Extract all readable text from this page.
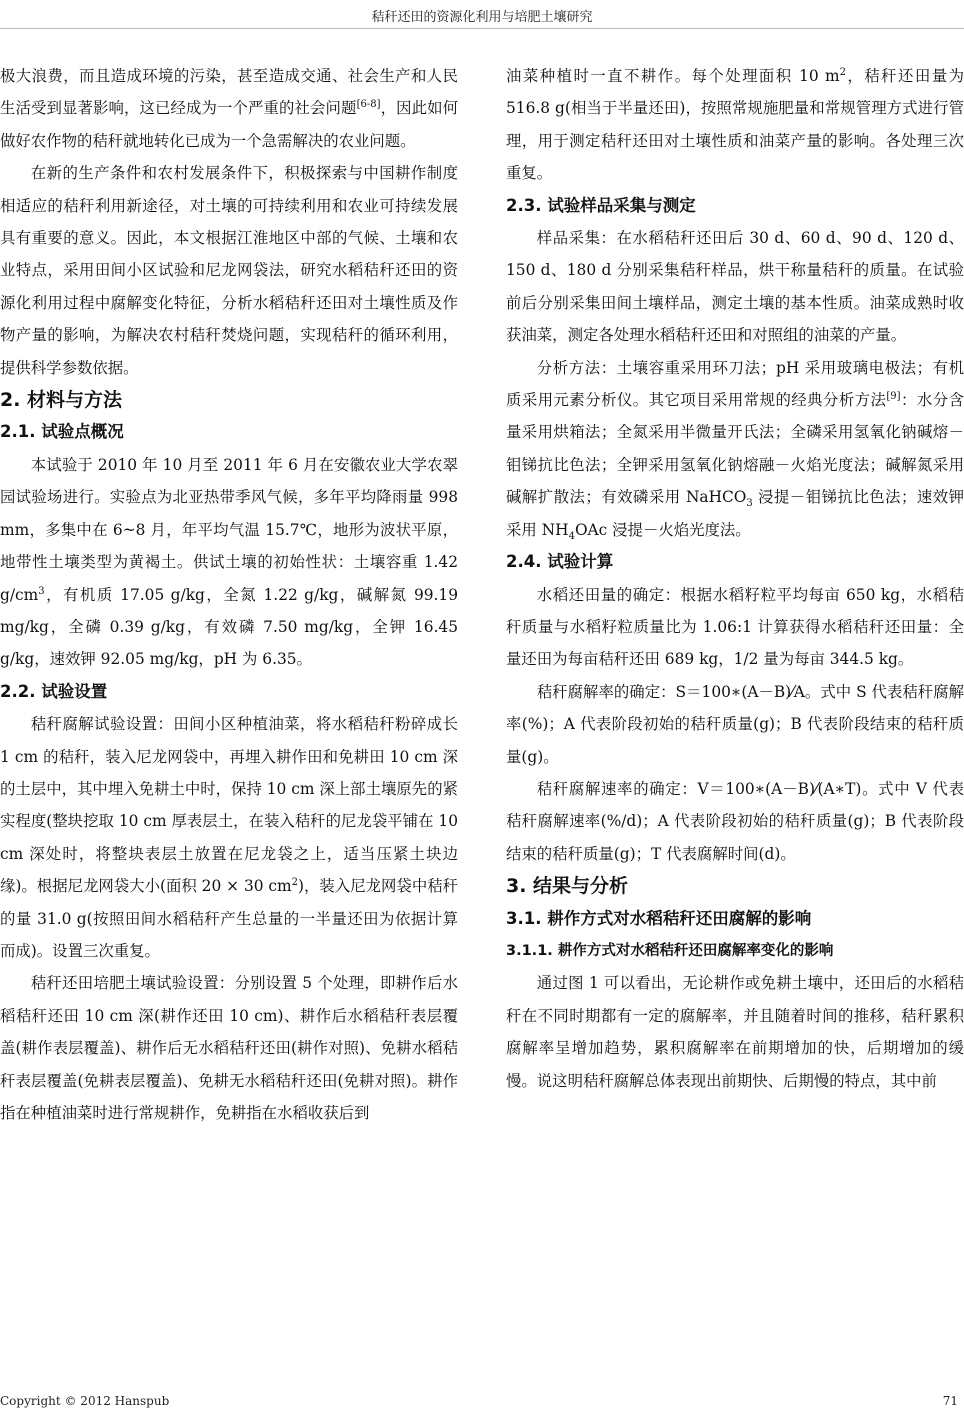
秸秆还田的资源化利用与培肥土壤研究

极大浪费，而且造成环境的污染，甚至造成交通、社会生产和人民生活受到显著影响，这已经成为一个严重的社会问题[6-8]，因此如何做好农作物的秸秆就地转化已成为一个急需解决的农业问题。

在新的生产条件和农村发展条件下，积极探索与中国耕作制度相适应的秸秆利用新途径，对土壤的可持续利用和农业可持续发展具有重要的意义。因此，本文根据江淮地区中部的气候、土壤和农业特点，采用田间小区试验和尼龙网袋法，研究水稻秸秆还田的资源化利用过程中腐解变化特征，分析水稻秸秆还田对土壤性质及作物产量的影响，为解决农村秸秆焚烧问题，实现秸秆的循环利用，提供科学参数依据。

2. 材料与方法

2.1. 试验点概况

本试验于 2010 年 10 月至 2011 年 6 月在安徽农业大学农翠园试验场进行。实验点为北亚热带季风气候，多年平均降雨量 998 mm，多集中在 6~8 月，年平均气温 15.7℃，地形为波状平原，地带性土壤类型为黄褐土。供试土壤的初始性状：土壤容重 1.42 $g/cm^3$，有机质 17.05 g/kg，全氮 1.22 g/kg，碱解氮 99.19 mg/kg，全磷 0.39 g/kg，有效磷 7.50 mg/kg，全钾 16.45 g/kg，速效钾 92.05 mg/kg，pH 为 6.35。

2.2. 试验设置

秸秆腐解试验设置：田间小区种植油菜，将水稻秸秆粉碎成长 1 cm 的秸秆，装入尼龙网袋中，再埋入耕作田和免耕田 10 cm 深的土层中，其中埋入免耕土中时，保持 10 cm 深上部土壤原先的紧实程度(整块挖取 10 cm 厚表层土，在装入秸秆的尼龙袋平铺在 10 cm 深处时，将整块表层土放置在尼龙袋之上，适当压紧土块边缘)。根据尼龙网袋大小(面积 20 × 30 $cm^2$)，装入尼龙网袋中秸秆的量 31.0 g(按照田间水稻秸秆产生总量的一半量还田为依据计算而成)。设置三次重复。

秸秆还田培肥土壤试验设置：分别设置 5 个处理，即耕作后水稻秸秆还田 10 cm 深(耕作还田 10 cm)、耕作后水稻秸秆表层覆盖(耕作表层覆盖)、耕作后无水稻秸秆还田(耕作对照)、免耕水稻秸秆表层覆盖(免耕表层覆盖)、免耕无水稻秸秆还田(免耕对照)。耕作指在种植油菜时进行常规耕作，免耕指在水稻收获后到

油菜种植时一直不耕作。每个处理面积 10 $m^2$，秸秆还田量为 516.8 g(相当于半量还田)，按照常规施肥量和常规管理方式进行管理，用于测定秸秆还田对土壤性质和油菜产量的影响。各处理三次重复。

2.3. 试验样品采集与测定

样品采集：在水稻秸秆还田后 30 d、60 d、90 d、120 d、150 d、180 d 分别采集秸秆样品，烘干称量秸秆的质量。在试验前后分别采集田间土壤样品，测定土壤的基本性质。油菜成熟时收获油菜，测定各处理水稻秸秆还田和对照组的油菜的产量。

分析方法：土壤容重采用环刀法；pH 采用玻璃电极法；有机质采用元素分析仪。其它项目采用常规的经典分析方法[9]：水分含量采用烘箱法；全氮采用半微量开氏法；全磷采用氢氧化钠碱熔－钼锑抗比色法；全钾采用氢氧化钠熔融－火焰光度法；碱解氮采用碱解扩散法；有效磷采用 NaHCO$_3$ 浸提－钼锑抗比色法；速效钾采用 $NH_4OAc$ 浸提－火焰光度法。

2.4. 试验计算

水稻还田量的确定：根据水稻籽粒平均每亩 650 kg，水稻秸秆质量与水稻籽粒质量比为 1.06:1 计算获得水稻秸秆还田量：全量还田为每亩秸秆还田 689 kg，1/2 量为每亩 344.5 kg。

秸秆腐解率的确定：S＝100∗(A－B)⁄A。式中 S 代表秸秆腐解率(%)；A 代表阶段初始的秸秆质量(g)；B 代表阶段结束的秸秆质量(g)。

秸秆腐解速率的确定：V＝100∗(A－B)⁄(A∗T)。式中 V 代表秸秆腐解速率(%/d)；A 代表阶段初始的秸秆质量(g)；B 代表阶段结束的秸秆质量(g)；T 代表腐解时间(d)。

3. 结果与分析

3.1. 耕作方式对水稻秸秆还田腐解的影响

3.1.1. 耕作方式对水稻秸秆还田腐解率变化的影响

通过图 1 可以看出，无论耕作或免耕土壤中，还田后的水稻秸秆在不同时期都有一定的腐解率，并且随着时间的推移，秸秆累积腐解率呈增加趋势，累积腐解率在前期增加的快，后期增加的缓慢。说这明秸秆腐解总体表现出前期快、后期慢的特点，其中前

Copyright © 2012 Hanspub	71
